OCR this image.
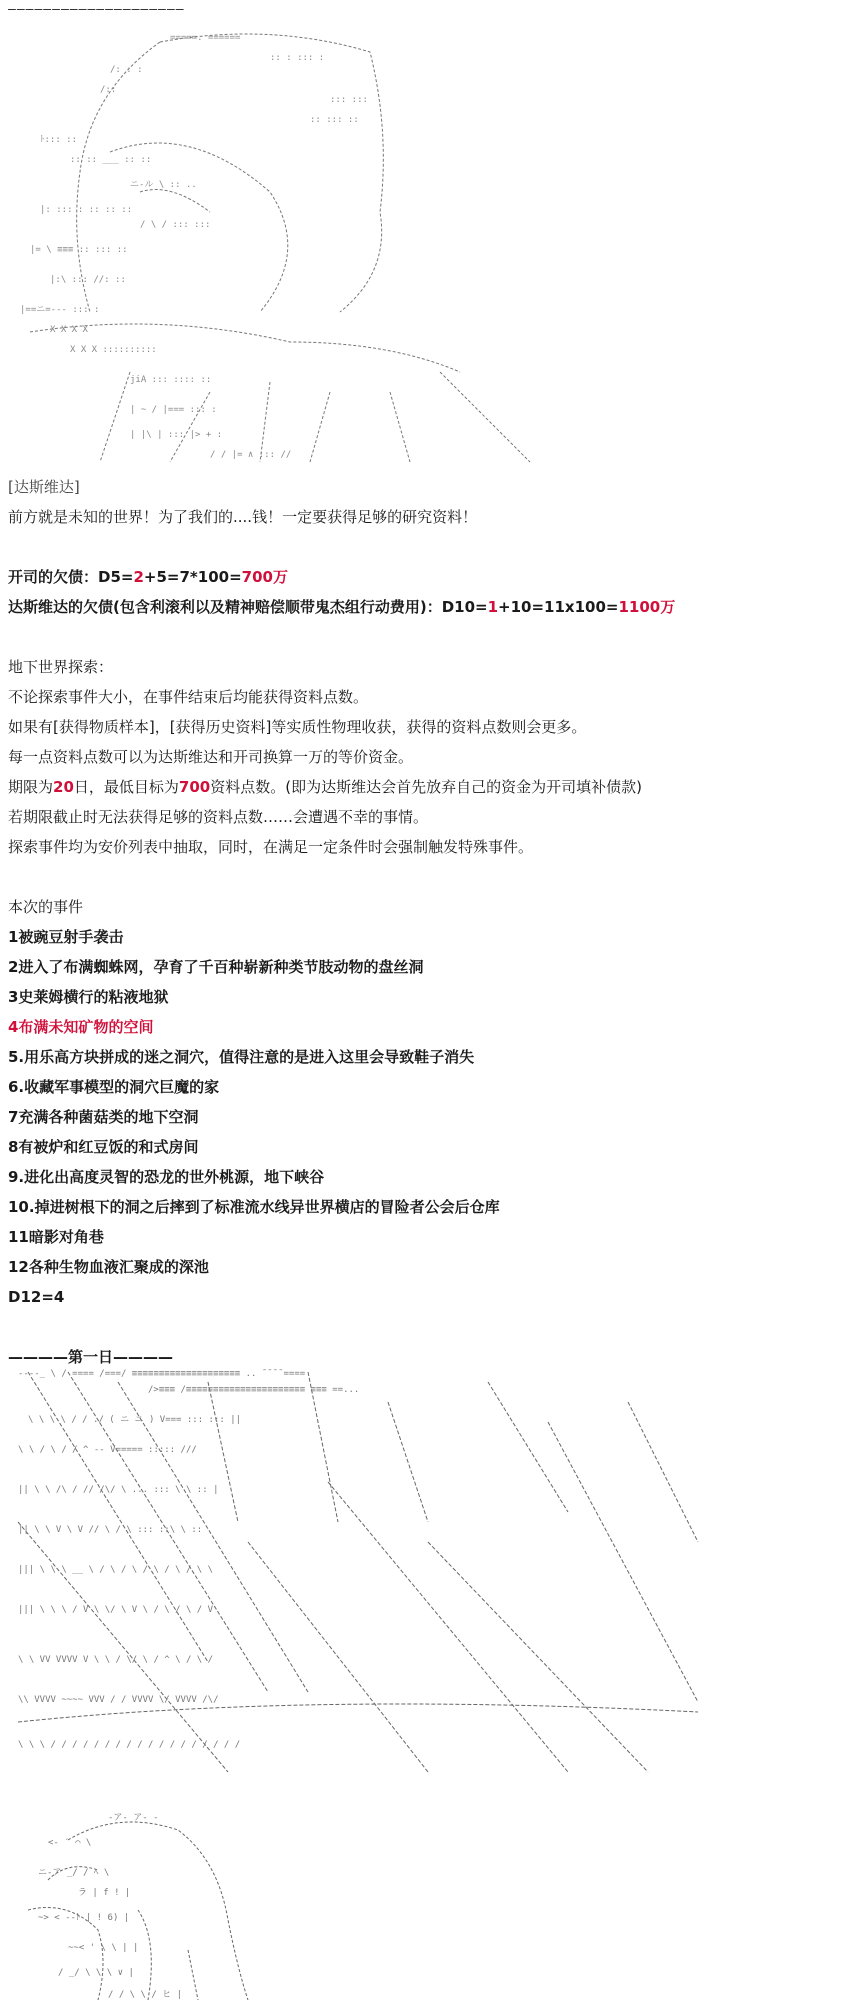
————————————————————

=====. ======
:: : ::: :
/: : :
/::
::: :::
:: ::: ::
ﾄ::: ::
:: :: ___ :: ::
ニ-ル \ :: ..
|: ::: : :: :: ::
/ \ / ::: :::
|= \ ≡≡≡ :: ::: ::
|:\ ::: //: ::
|==ニ=--- ::: :
X X X X
X X X ::::::::::
jiA ::: :::: ::
| ~ / |=== ::: :
| |\ | ::: |> + :
/ / |= ∧ ::: //

[达斯维达]
前方就是未知的世界！为了我们的....钱！一定要获得足够的研究资料！
开司的欠债：D5=2+5=7*100=700万
达斯维达的欠债(包含利滚利以及精神赔偿顺带鬼杰组行动费用)：D10=1+10=11x100=1100万
地下世界探索：
不论探索事件大小，在事件结束后均能获得资料点数。
如果有[获得物质样本]，[获得历史资料]等实质性物理收获，获得的资料点数则会更多。
每一点资料点数可以为达斯维达和开司换算一万的等价资金。
期限为20日，最低目标为700资料点数。(即为达斯维达会首先放弃自己的资金为开司填补债款)
若期限截止时无法获得足够的资料点数……会遭遇不幸的事情。
探索事件均为安价列表中抽取，同时，在满足一定条件时会强制触发特殊事件。
本次的事件
1被豌豆射手袭击
2进入了布满蜘蛛网，孕育了千百种崭新种类节肢动物的盘丝洞
3史莱姆横行的粘液地狱
4布满未知矿物的空间
5.用乐高方块拼成的迷之洞穴，值得注意的是进入这里会导致鞋子消失
6.收藏军事模型的洞穴巨魔的家
7充满各种菌菇类的地下空洞
8有被炉和红豆饭的和式房间
9.进化出高度灵智的恐龙的世外桃源，地下峡谷
10.掉进树根下的洞之后摔到了标准流水线异世界横店的冒险者公会后仓库
11暗影对角巷
12各种生物血液汇聚成的深池
D12=4
————第一日————

----_ \ / ==== /===/ ≡≡≡≡≡≡≡≡≡≡≡≡≡≡≡≡≡≡≡≡ .. ¯¯¯¯====
/>≡≡≡ /≡≡≡≡≡≡≡≡≡≡≡≡≡≡≡≡≡≡≡≡≡≡ ≡≡≡ ==...
\ \ \ \ / / ./ ( ニ ニ ) V=== ::: ::: ||
\ \ / \ / / ^ -- V===== ::::: ///
|| \ \ /\ / // /\/ \ ... ::: \ \ :: |
|| \ \ V \ V // \ / \ ::: ::\ \ ::
||| \ \ \ __ \ / \ / \ / \ / \ / \ \
||| \ \ \ / V \ \/ \ V \ / \ / \ / V
\ \ VV VVVV V \ \ / \/ \ / ^ \ / \ /
\\ VVVV ~~~~ VVV / / VVVV \/ VVVV /\/
\ \ \ / / / / / / / / / / / / / / / / / /

-ア‐ ア‐ ‐
<- ′ ⌒ \
ニ-ア _/ / ﾍ \
ラ | f ! |
~> < --ﾄ | ! 6) |
~~< ' \ \ | |
/ _/ \ \ \ ∨ |
/ / \ \ / ヒ |
